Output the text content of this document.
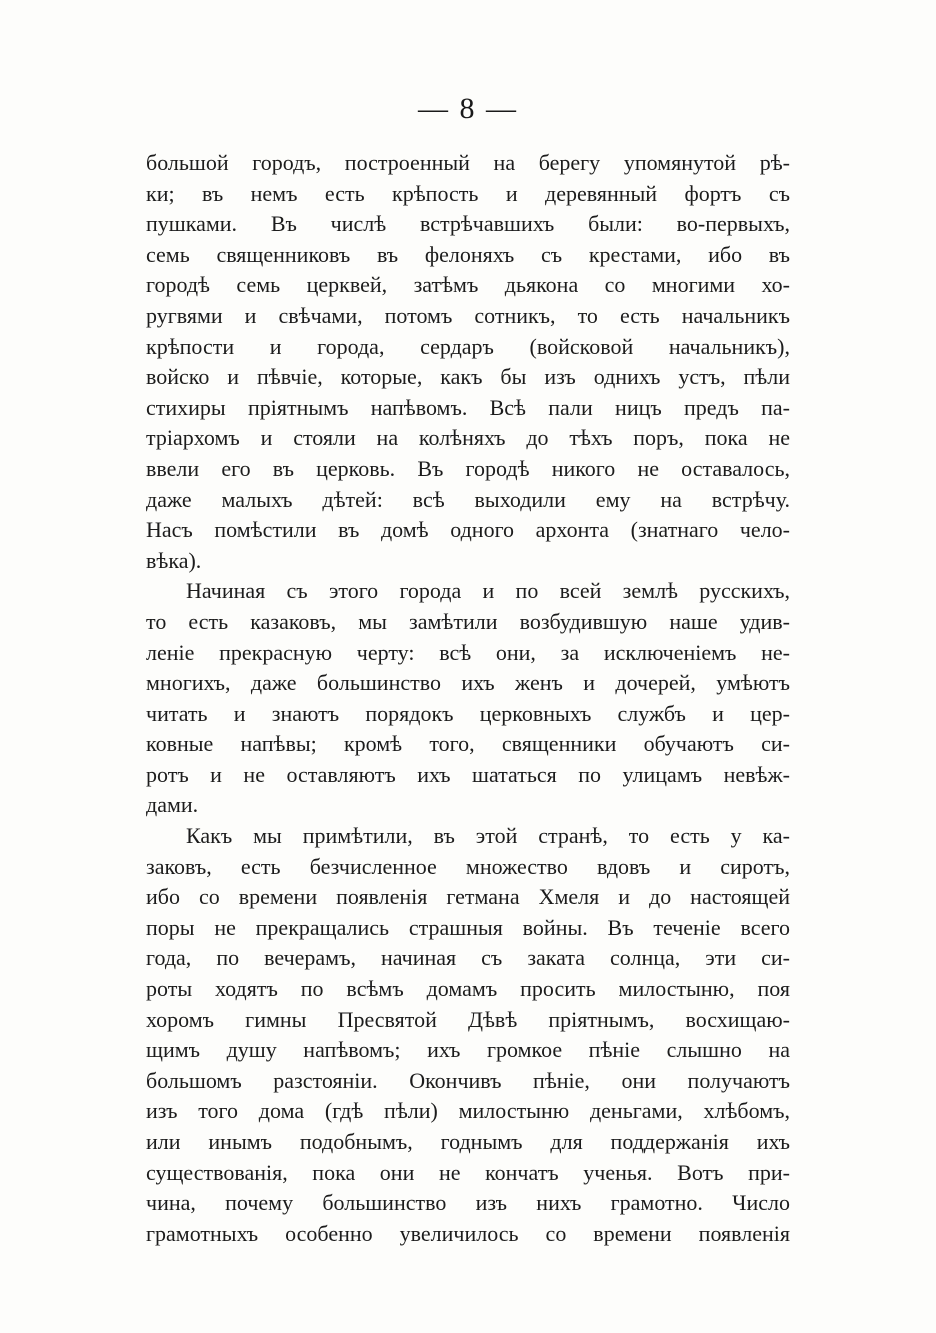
— 8 —
большой городъ, построенный на берегу упомянутой рѣ-
ки; въ немъ есть крѣпость и деревянный фортъ съ
пушками. Въ числѣ встрѣчавшихъ были: во-первыхъ,
семь священниковъ въ фелоняхъ съ крестами, ибо въ
городѣ семь церквей, затѣмъ дьякона со многими хо-
ругвями и свѣчами, потомъ сотникъ, то есть начальникъ
крѣпости и города, сердаръ (войсковой начальникъ),
войско и пѣвчіе, которые, какъ бы изъ однихъ устъ, пѣли
стихиры пріятнымъ напѣвомъ. Всѣ пали ницъ предъ па-
тріархомъ и стояли на колѣняхъ до тѣхъ поръ, пока не
ввели его въ церковь. Въ городѣ никого не оставалось,
даже малыхъ дѣтей: всѣ выходили ему на встрѣчу.
Насъ помѣстили въ домѣ одного архонта (знатнаго чело-
вѣка).
Начиная съ этого города и по всей землѣ русскихъ,
то есть казаковъ, мы замѣтили возбудившую наше удив-
леніе прекрасную черту: всѣ они, за исключеніемъ не-
многихъ, даже большинство ихъ женъ и дочерей, умѣютъ
читать и знаютъ порядокъ церковныхъ службъ и цер-
ковные напѣвы; кромѣ того, священники обучаютъ си-
ротъ и не оставляютъ ихъ шататься по улицамъ невѣж-
дами.
Какъ мы примѣтили, въ этой странѣ, то есть у ка-
заковъ, есть безчисленное множество вдовъ и сиротъ,
ибо со времени появленія гетмана Хмеля и до настоящей
поры не прекращались страшныя войны. Въ теченіе всего
года, по вечерамъ, начиная съ заката солнца, эти си-
роты ходятъ по всѣмъ домамъ просить милостыню, поя
хоромъ гимны Пресвятой Дѣвѣ пріятнымъ, восхищаю-
щимъ душу напѣвомъ; ихъ громкое пѣніе слышно на
большомъ разстояніи. Окончивъ пѣніе, они получаютъ
изъ того дома (гдѣ пѣли) милостыню деньгами, хлѣбомъ,
или инымъ подобнымъ, годнымъ для поддержанія ихъ
существованія, пока они не кончатъ ученья. Вотъ при-
чина, почему большинство изъ нихъ грамотно. Число
грамотныхъ особенно увеличилось со времени появленія
